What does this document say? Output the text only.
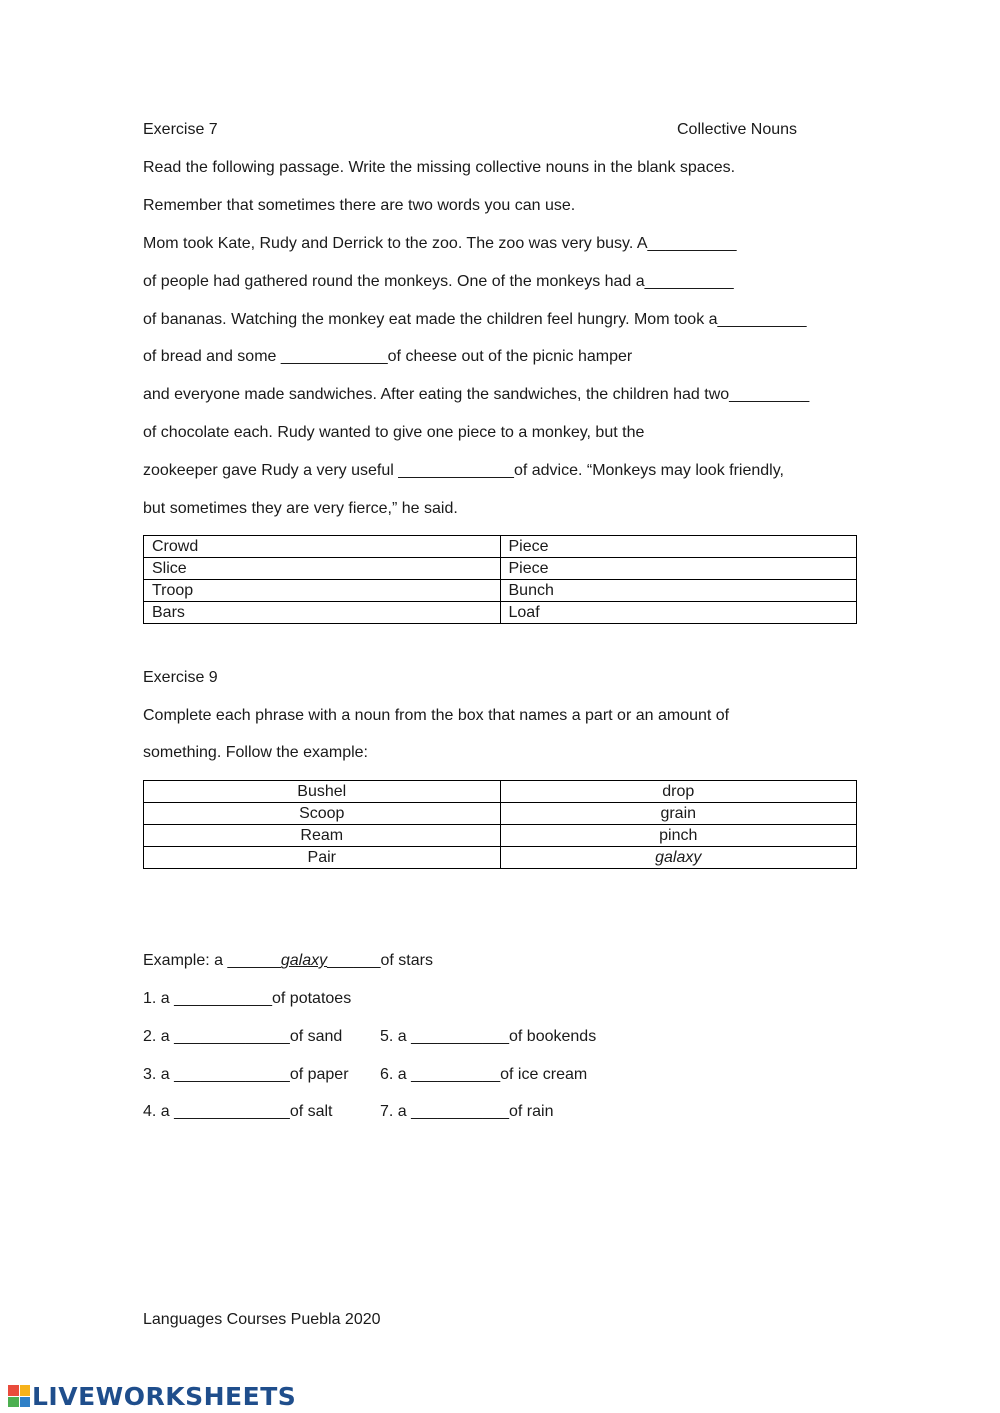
Exercise 7	Collective Nouns
Read the following passage. Write the missing collective nouns in the blank spaces.
Remember that sometimes there are two words you can use.
Mom took Kate, Rudy and Derrick to the zoo. The zoo was very busy. A__________
of people had gathered round the monkeys. One of the monkeys had a__________
of bananas. Watching the monkey eat made the children feel hungry. Mom took a__________
of bread and some ____________of cheese out of the picnic hamper
and everyone made sandwiches. After eating the sandwiches, the children had two_________
of chocolate each. Rudy wanted to give one piece to a monkey, but the
zookeeper gave Rudy a very useful _____________of advice. “Monkeys may look friendly,
but sometimes they are very fierce,” he said.
Crowd	Piece
Slice	Piece
Troop	Bunch
Bars	Loaf
Exercise 9
Complete each phrase with a noun from the box that names a part or an amount of
something. Follow the example:
Bushel	drop
Scoop	grain
Ream	pinch
Pair	galaxy
Example: a ______galaxy______of stars
1. a ___________of potatoes
2. a _____________of sand
3. a _____________of paper
4. a _____________of salt
5. a ___________of bookends
6. a __________of ice cream
7. a ___________of rain
Languages Courses Puebla 2020
LIVEWORKSHEETS
